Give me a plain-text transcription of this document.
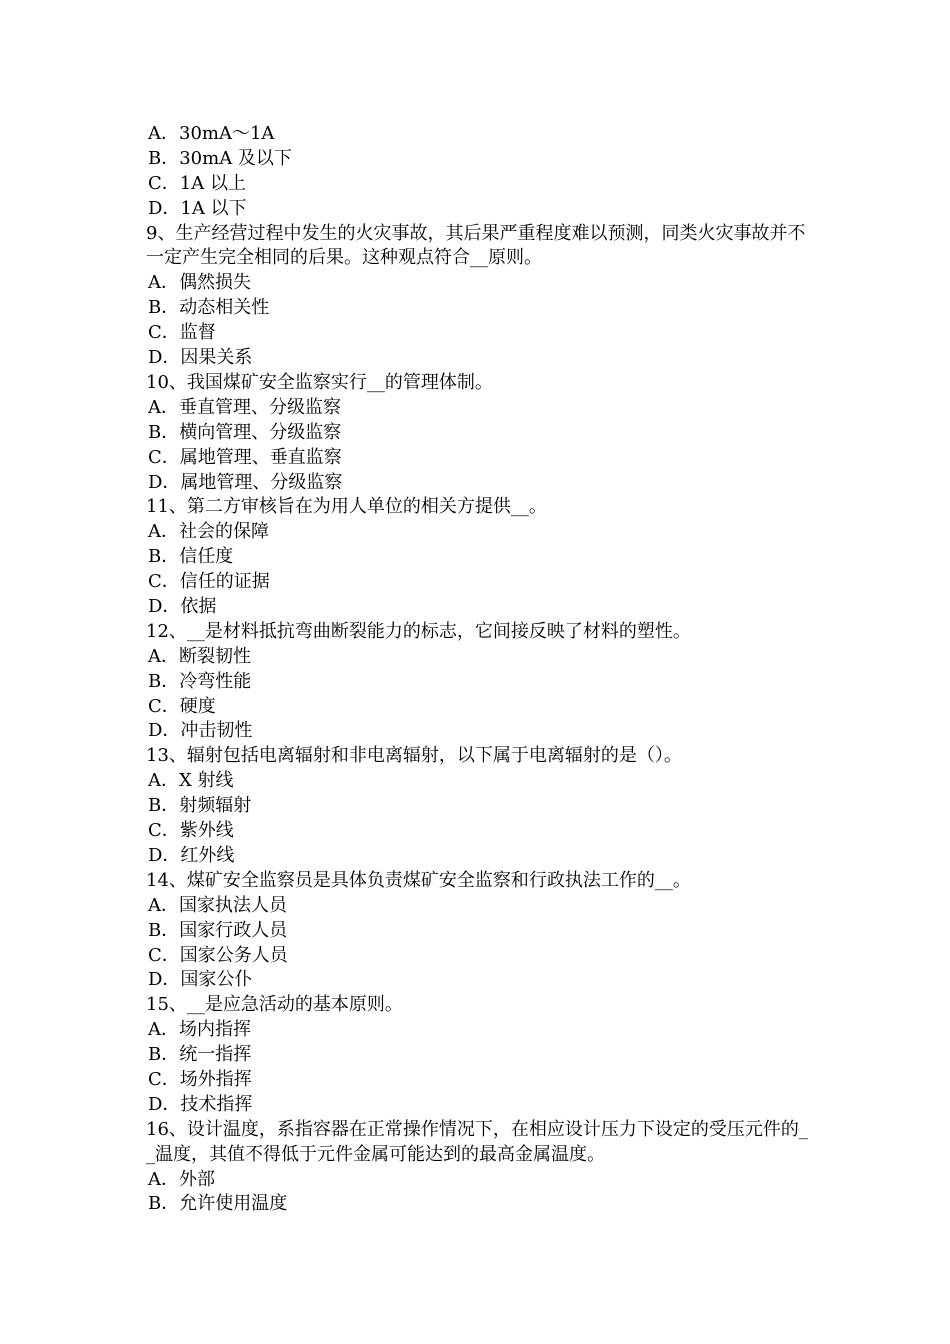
A．30mA～1A
B．30mA 及以下
C．1A 以上
D．1A 以下
9、生产经营过程中发生的火灾事故，其后果严重程度难以预测，同类火灾事故并不一定产生完全相同的后果。这种观点符合__原则。
A．偶然损失
B．动态相关性
C．监督
D．因果关系
10、我国煤矿安全监察实行__的管理体制。
A．垂直管理、分级监察
B．横向管理、分级监察
C．属地管理、垂直监察
D．属地管理、分级监察
11、第二方审核旨在为用人单位的相关方提供__。
A．社会的保障
B．信任度
C．信任的证据
D．依据
12、__是材料抵抗弯曲断裂能力的标志，它间接反映了材料的塑性。
A．断裂韧性
B．冷弯性能
C．硬度
D．冲击韧性
13、辐射包括电离辐射和非电离辐射，以下属于电离辐射的是（）。
A．X 射线
B．射频辐射
C．紫外线
D．红外线
14、煤矿安全监察员是具体负责煤矿安全监察和行政执法工作的__。
A．国家执法人员
B．国家行政人员
C．国家公务人员
D．国家公仆
15、__是应急活动的基本原则。
A．场内指挥
B．统一指挥
C．场外指挥
D．技术指挥
16、设计温度，系指容器在正常操作情况下，在相应设计压力下设定的受压元件的__温度，其值不得低于元件金属可能达到的最高金属温度。
A．外部
B．允许使用温度
